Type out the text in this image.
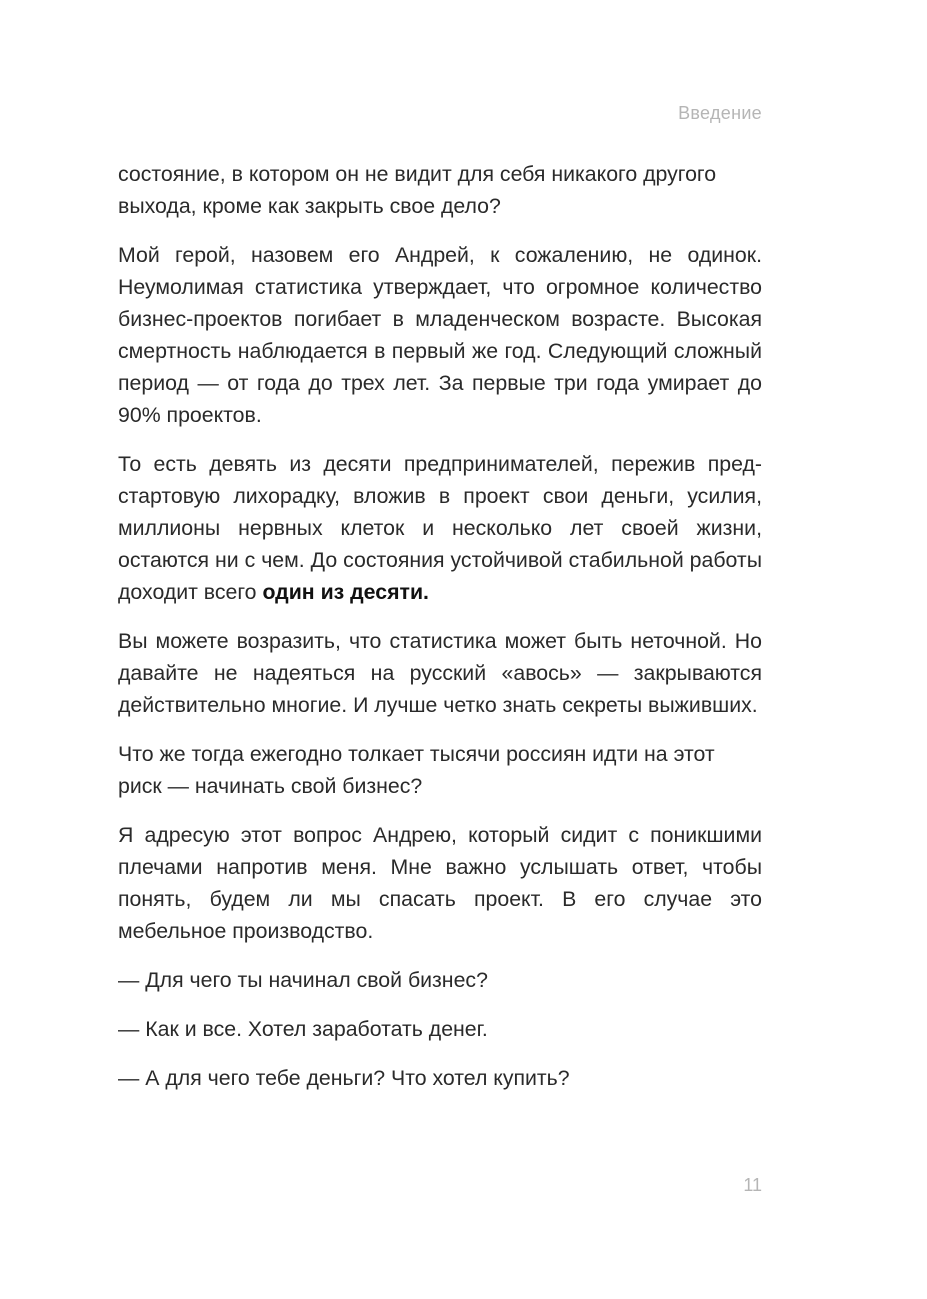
Введение

состояние, в котором он не видит для себя никакого другого выхода, кроме как закрыть свое дело?

Мой герой, назовем его Андрей, к сожалению, не одинок. Неумолимая статистика утверждает, что огромное количество бизнес-проектов погибает в младенческом возрасте. Высокая смертность наблюдается в первый же год. Следующий сложный период — от года до трех лет. За первые три года умирает до 90% проектов.

То есть девять из десяти предпринимателей, пережив предстартовую лихорадку, вложив в проект свои деньги, усилия, миллионы нервных клеток и несколько лет своей жизни, остаются ни с чем. До состояния устойчивой стабильной работы доходит всего один из десяти.

Вы можете возразить, что статистика может быть неточной. Но давайте не надеяться на русский «авось» — закрываются действительно многие. И лучше четко знать секреты выживших.

Что же тогда ежегодно толкает тысячи россиян идти на этот риск — начинать свой бизнес?

Я адресую этот вопрос Андрею, который сидит с поникшими плечами напротив меня. Мне важно услышать ответ, чтобы понять, будем ли мы спасать проект. В его случае это мебельное производство.

— Для чего ты начинал свой бизнес?

— Как и все. Хотел заработать денег.

— А для чего тебе деньги? Что хотел купить?

11
